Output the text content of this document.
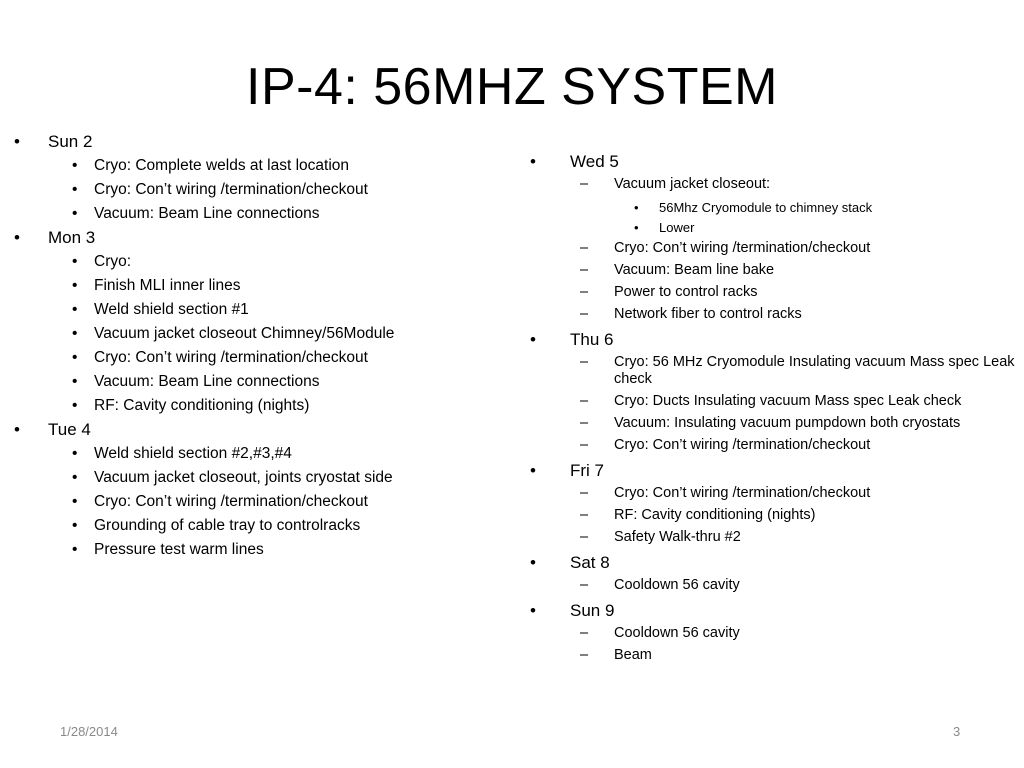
IP-4: 56MHZ SYSTEM
• Sun 2
• Cryo: Complete welds at last location
• Cryo: Con’t wiring /termination/checkout
• Vacuum: Beam Line connections
• Mon 3
• Cryo:
• Finish MLI inner lines
• Weld shield section #1
• Vacuum jacket closeout Chimney/56Module
• Cryo: Con’t wiring /termination/checkout
• Vacuum: Beam Line connections
• RF: Cavity conditioning (nights)
• Tue 4
• Weld shield section #2,#3,#4
• Vacuum jacket closeout, joints cryostat side
• Cryo: Con’t wiring /termination/checkout
• Grounding of cable tray to controlracks
• Pressure test warm lines
• Wed 5
– Vacuum jacket closeout:
• 56Mhz Cryomodule to chimney stack
• Lower
– Cryo: Con’t wiring /termination/checkout
– Vacuum: Beam line bake
– Power to control racks
– Network fiber to control racks
• Thu 6
– Cryo: 56 MHz Cryomodule Insulating vacuum Mass spec Leak check
– Cryo: Ducts Insulating vacuum Mass spec Leak check
– Vacuum: Insulating vacuum pumpdown both cryostats
– Cryo: Con’t wiring /termination/checkout
• Fri 7
– Cryo: Con’t wiring /termination/checkout
– RF: Cavity conditioning (nights)
– Safety Walk-thru #2
• Sat 8
– Cooldown 56 cavity
• Sun 9
– Cooldown 56 cavity
– Beam
1/28/2014	3
